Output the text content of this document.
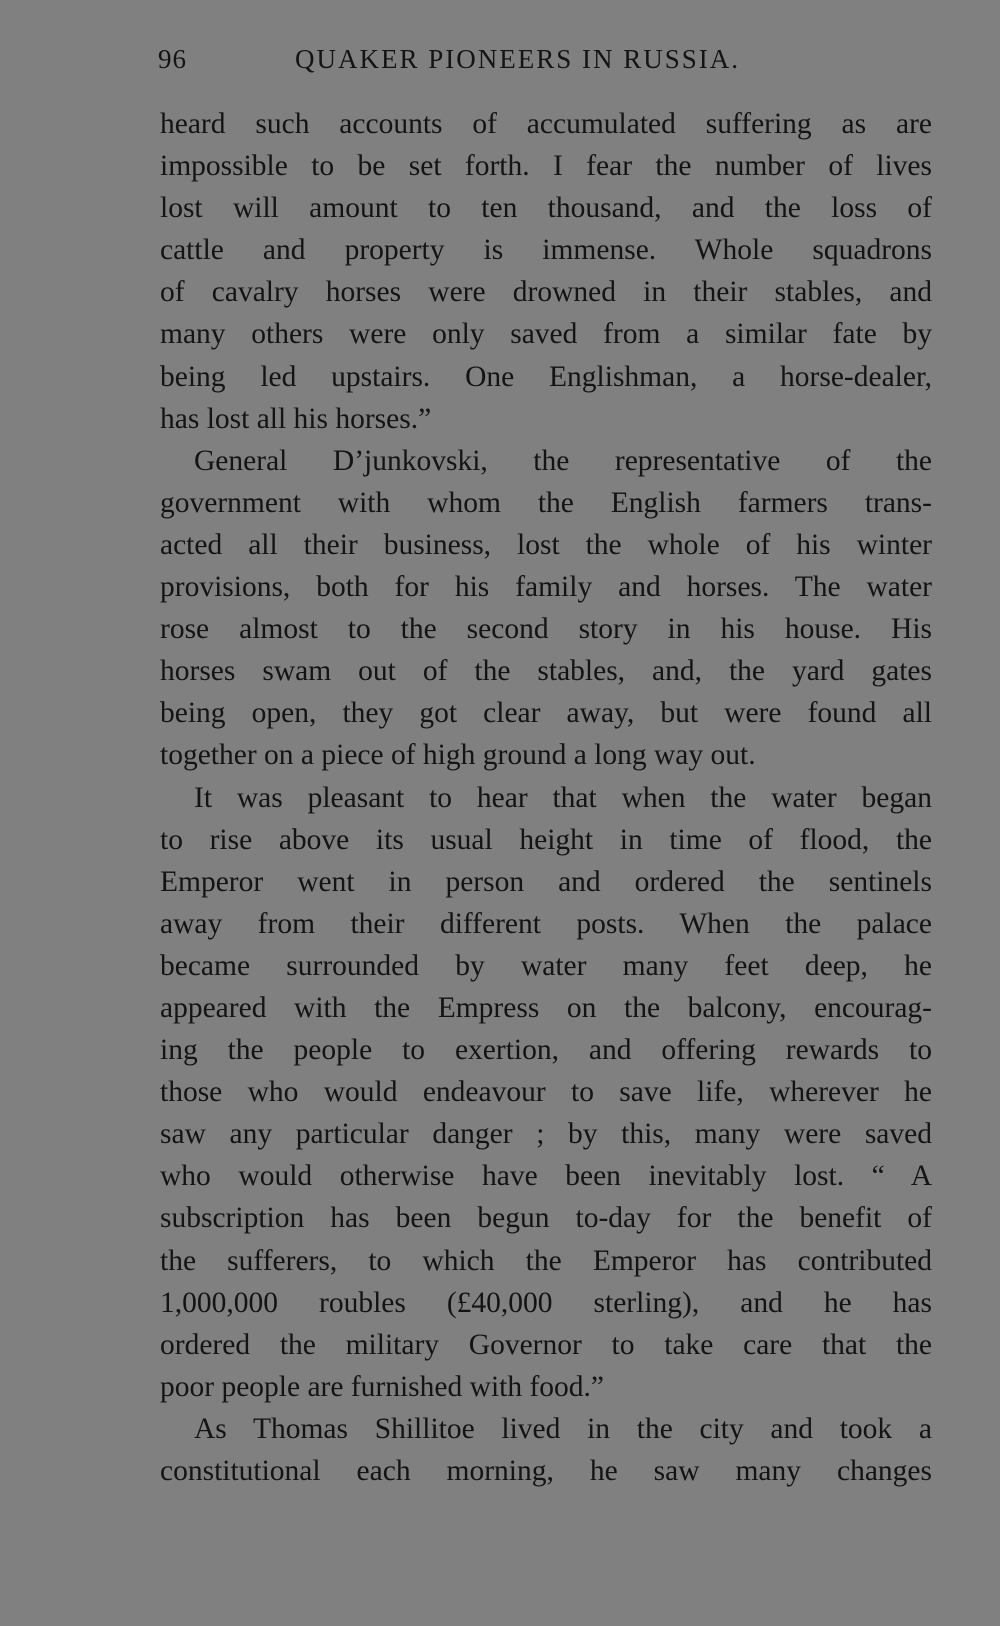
96	QUAKER PIONEERS IN RUSSIA.
heard such accounts of accumulated suffering as are
impossible to be set forth. I fear the number of lives
lost will amount to ten thousand, and the loss of
cattle and property is immense. Whole squadrons
of cavalry horses were drowned in their stables, and
many others were only saved from a similar fate by
being led upstairs. One Englishman, a horse-dealer,
has lost all his horses.”
General D’junkovski, the representative of the
government with whom the English farmers trans-
acted all their business, lost the whole of his winter
provisions, both for his family and horses. The water
rose almost to the second story in his house. His
horses swam out of the stables, and, the yard gates
being open, they got clear away, but were found all
together on a piece of high ground a long way out.
It was pleasant to hear that when the water began
to rise above its usual height in time of flood, the
Emperor went in person and ordered the sentinels
away from their different posts. When the palace
became surrounded by water many feet deep, he
appeared with the Empress on the balcony, encourag-
ing the people to exertion, and offering rewards to
those who would endeavour to save life, wherever he
saw any particular danger ; by this, many were saved
who would otherwise have been inevitably lost. “ A
subscription has been begun to-day for the benefit of
the sufferers, to which the Emperor has contributed
1,000,000 roubles (£40,000 sterling), and he has
ordered the military Governor to take care that the
poor people are furnished with food.”
As Thomas Shillitoe lived in the city and took a
constitutional each morning, he saw many changes
